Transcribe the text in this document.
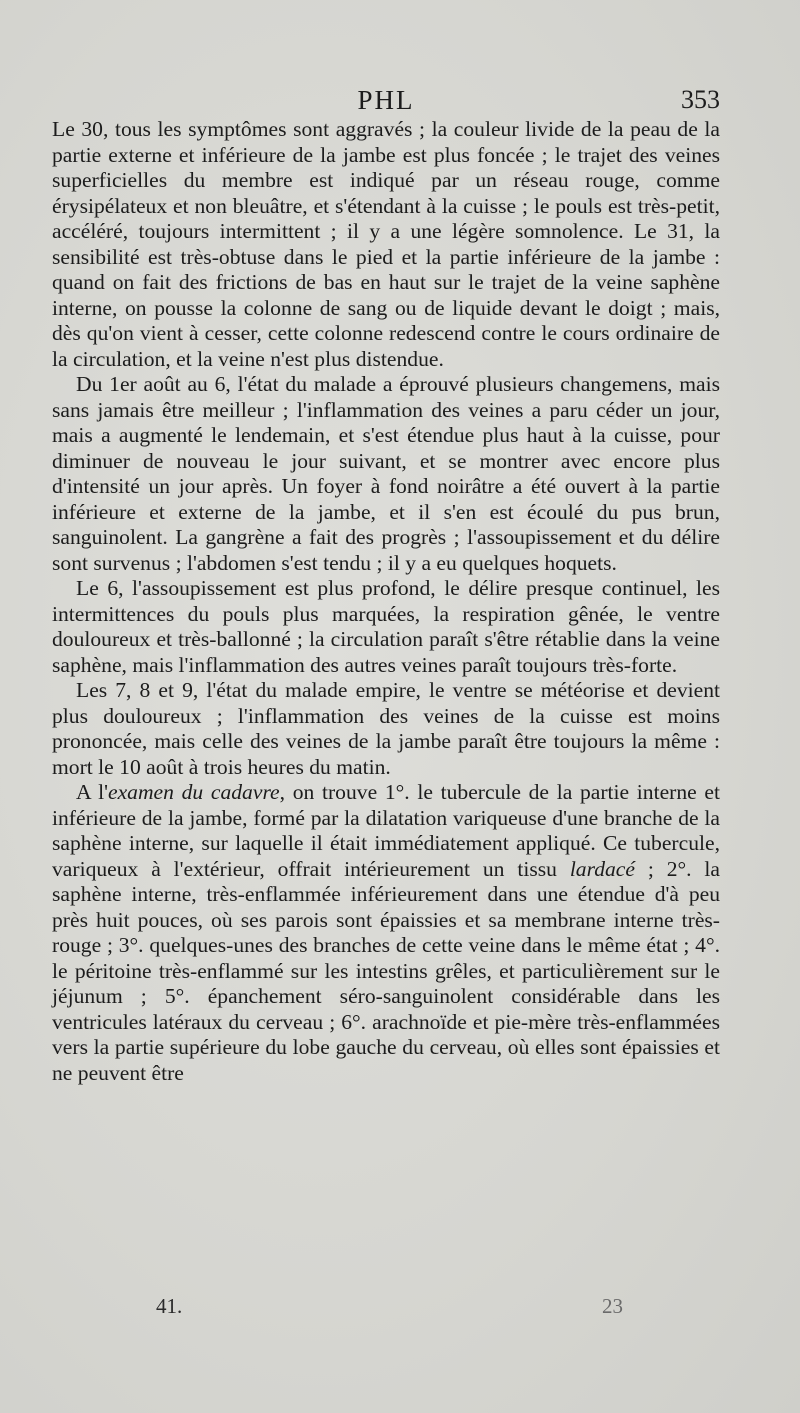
PHL	353

Le 30, tous les symptômes sont aggravés ; la couleur livide de la peau de la partie externe et inférieure de la jambe est plus foncée ; le trajet des veines superficielles du membre est indiqué par un réseau rouge, comme érysipélateux et non bleuâtre, et s'étendant à la cuisse ; le pouls est très-petit, accéléré, toujours intermittent ; il y a une légère somnolence. Le 31, la sensibilité est très-obtuse dans le pied et la partie inférieure de la jambe : quand on fait des frictions de bas en haut sur le trajet de la veine saphène interne, on pousse la colonne de sang ou de liquide devant le doigt ; mais, dès qu'on vient à cesser, cette colonne redescend contre le cours ordinaire de la circulation, et la veine n'est plus distendue.

Du 1er août au 6, l'état du malade a éprouvé plusieurs changemens, mais sans jamais être meilleur ; l'inflammation des veines a paru céder un jour, mais a augmenté le lendemain, et s'est étendue plus haut à la cuisse, pour diminuer de nouveau le jour suivant, et se montrer avec encore plus d'intensité un jour après. Un foyer à fond noirâtre a été ouvert à la partie inférieure et externe de la jambe, et il s'en est écoulé du pus brun, sanguinolent. La gangrène a fait des progrès ; l'assoupissement et du délire sont survenus ; l'abdomen s'est tendu ; il y a eu quelques hoquets.

Le 6, l'assoupissement est plus profond, le délire presque continuel, les intermittences du pouls plus marquées, la respiration gênée, le ventre douloureux et très-ballonné ; la circulation paraît s'être rétablie dans la veine saphène, mais l'inflammation des autres veines paraît toujours très-forte.

Les 7, 8 et 9, l'état du malade empire, le ventre se météorise et devient plus douloureux ; l'inflammation des veines de la cuisse est moins prononcée, mais celle des veines de la jambe paraît être toujours la même : mort le 10 août à trois heures du matin.

A l'examen du cadavre, on trouve 1°. le tubercule de la partie interne et inférieure de la jambe, formé par la dilatation variqueuse d'une branche de la saphène interne, sur laquelle il était immédiatement appliqué. Ce tubercule, variqueux à l'extérieur, offrait intérieurement un tissu lardacé ; 2°. la saphène interne, très-enflammée inférieurement dans une étendue d'à peu près huit pouces, où ses parois sont épaissies et sa membrane interne très-rouge ; 3°. quelques-unes des branches de cette veine dans le même état ; 4°. le péritoine très-enflammé sur les intestins grêles, et particulièrement sur le jéjunum ; 5°. épanchement séro-sanguinolent considérable dans les ventricules latéraux du cerveau ; 6°. arachnoïde et pie-mère très-enflammées vers la partie supérieure du lobe gauche du cerveau, où elles sont épaissies et ne peuvent être

41.	23
